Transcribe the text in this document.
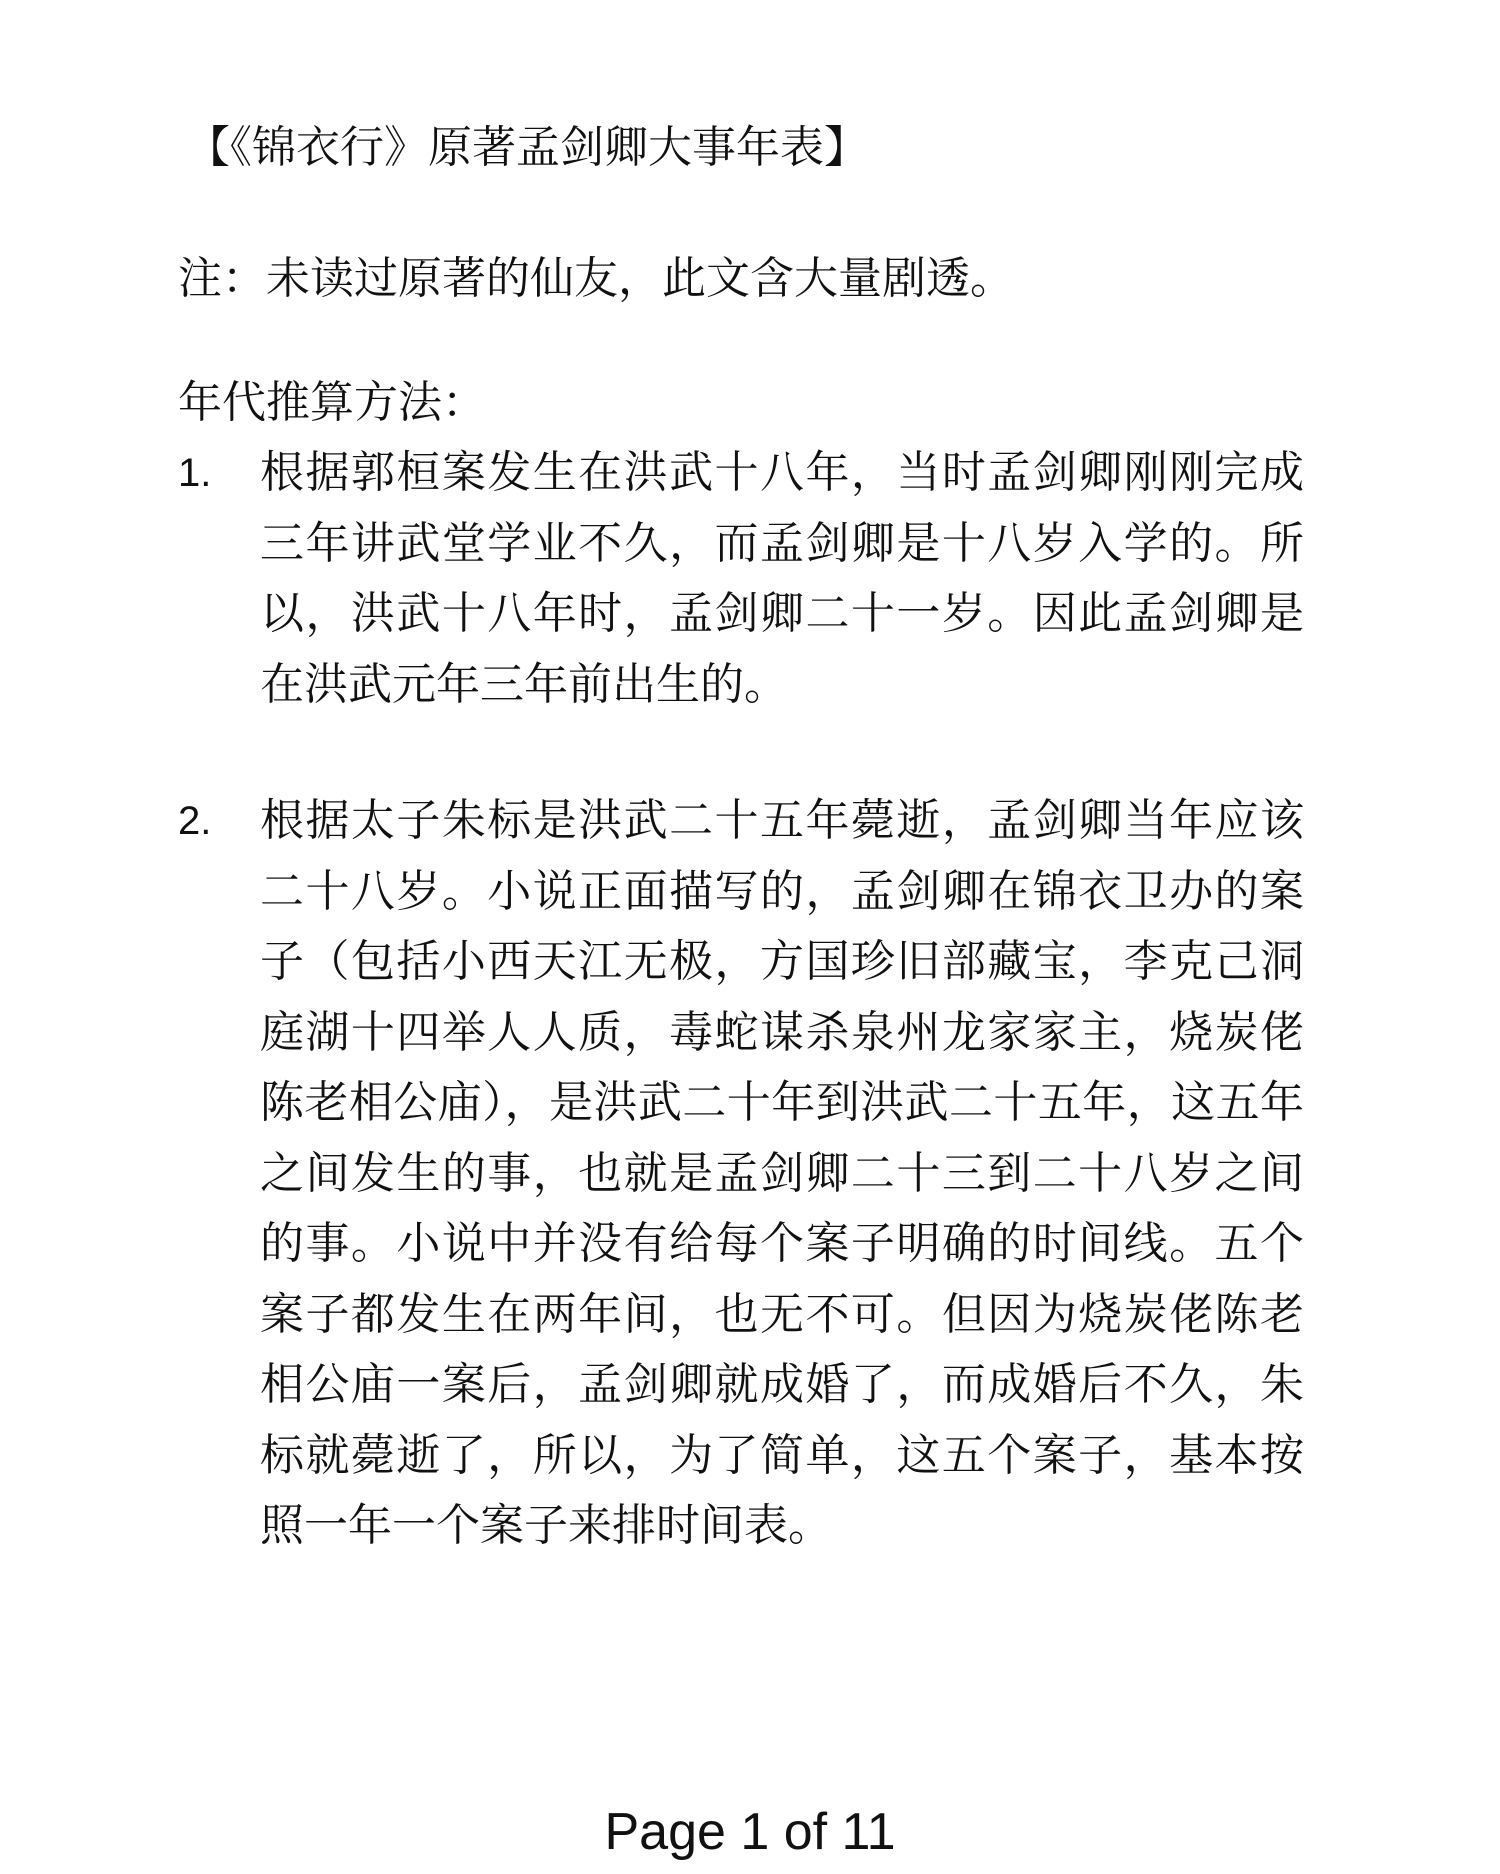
【《锦衣行》原著孟剑卿大事年表】
注：未读过原著的仙友，此文含大量剧透。
年代推算方法：
1. 根据郭桓案发生在洪武十八年，当时孟剑卿刚刚完成三年讲武堂学业不久，而孟剑卿是十八岁入学的。所以，洪武十八年时，孟剑卿二十一岁。因此孟剑卿是在洪武元年三年前出生的。
2. 根据太子朱标是洪武二十五年薨逝，孟剑卿当年应该二十八岁。小说正面描写的，孟剑卿在锦衣卫办的案子（包括小西天江无极，方国珍旧部藏宝，李克己洞庭湖十四举人人质，毒蛇谋杀泉州龙家家主，烧炭佬陈老相公庙），是洪武二十年到洪武二十五年，这五年之间发生的事，也就是孟剑卿二十三到二十八岁之间的事。小说中并没有给每个案子明确的时间线。五个案子都发生在两年间，也无不可。但因为烧炭佬陈老相公庙一案后，孟剑卿就成婚了，而成婚后不久，朱标就薨逝了，所以，为了简单，这五个案子，基本按照一年一个案子来排时间表。
Page 1 of 11
